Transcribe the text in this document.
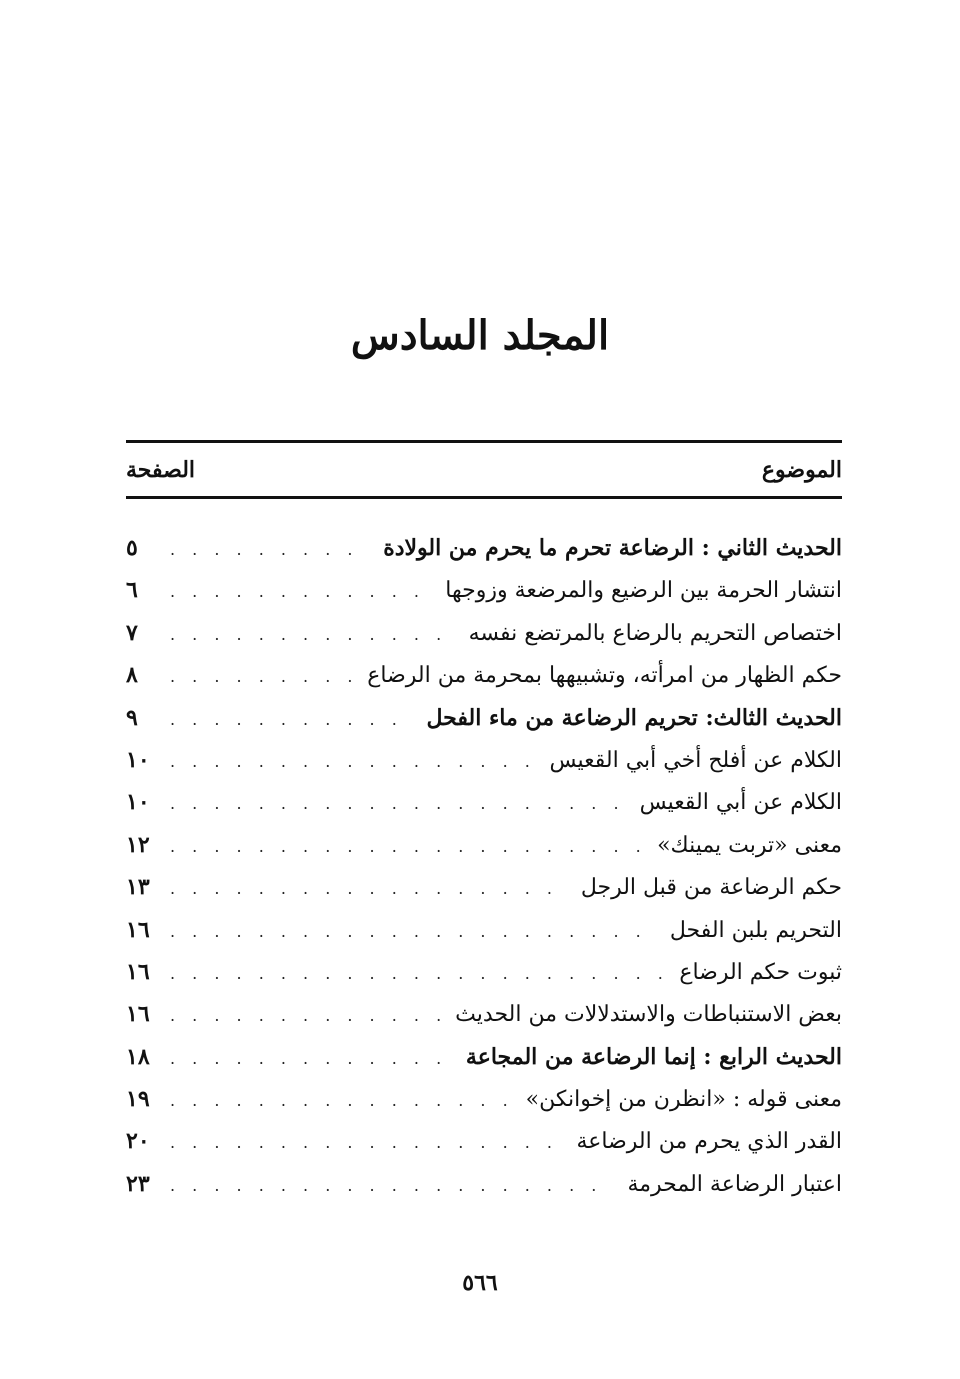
المجلد السادس
الموضوع
الصفحة
الحديث الثاني : الرضاعة تحرم ما يحرم من الولادة
. . .
٥
انتشار الحرمة بين الرضيع والمرضعة وزوجها
. . .
٦
اختصاص التحريم بالرضاع بالمرتضع نفسه
. . .
٧
حكم الظهار من امرأته، وتشبيهها بمحرمة من الرضاع
. . .
٨
الحديث الثالث: تحريم الرضاعة من ماء الفحل
. . .
٩
الكلام عن أفلح أخي أبي القعيس
. . .
١٠
الكلام عن أبي القعيس
. . .
١٠
معنى «تربت يمينك»
. . .
١٢
حكم الرضاعة من قبل الرجل
. . .
١٣
التحريم بلبن الفحل
. . .
١٦
ثبوت حكم الرضاع
. . .
١٦
بعض الاستنباطات والاستدلالات من الحديث
. . .
١٦
الحديث الرابع : إنما الرضاعة من المجاعة
. . .
١٨
معنى قوله : «انظرن من إخوانكن»
. . .
١٩
القدر الذي يحرم من الرضاعة
. . .
٢٠
اعتبار الرضاعة المحرمة
. . .
٢٣
٥٦٦
